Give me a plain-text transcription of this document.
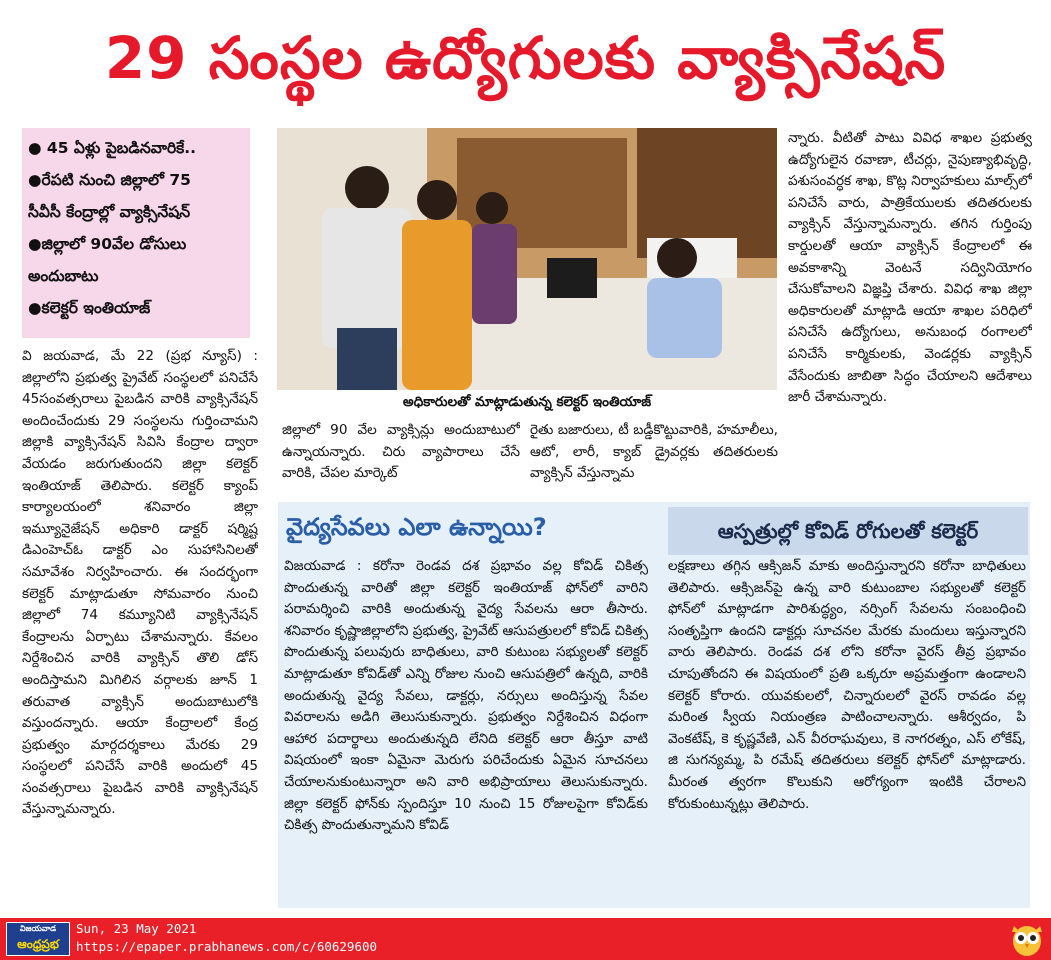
29 సంస్థల ఉద్యోగులకు వ్యాక్సినేషన్
● 45 ఏళ్లు పైబడినవారికే..
●రేపటి నుంచి జిల్లాలో 75
సీవీసీ కేంద్రాల్లో వ్యాక్సినేషన్
●జిల్లాలో 90వేల డోసులు
అందుబాటు
●కలెక్టర్ ఇంతియాజ్

వి జయవాడ, మే 22 (ప్రభ న్యూస్) : జిల్లాలోని ప్రభుత్వ ప్రైవేట్ సంస్థలలో పనిచేసే 45సంవత్సరాలు పైబడిన వారికి వ్యాక్సినేషన్ అందించేందుకు 29 సంస్థలను గుర్తించామని జిల్లాకి వ్యాక్సినేషన్ సివిసి కేంద్రాల ద్వారా వేయడం జరుగుతుందని జిల్లా కలెక్టర్ ఇంతియాజ్ తెలిపారు. కలెక్టర్ క్యాంప్ కార్యాలయంలో శనివారం జిల్లా ఇమ్యూనైజేషన్ అధికారి డాక్టర్ షర్మిష్ట డిఎంహెచ్ఓ డాక్టర్ ఎం సుహాసినిలతో సమావేశం నిర్వహించారు. ఈ సందర్భంగా కలెక్టర్ మాట్లాడుతూ సోమవారం నుంచి జిల్లాలో 74 కమ్యూనిటి వ్యాక్సినేషన్ కేంద్రాలను ఏర్పాటు చేశామన్నారు. కేవలం నిర్దేశించిన వారికి వ్యాక్సిన్ తొలి డోస్ అందిస్తామని మిగిలిన వర్గాలకు జూన్ 1 తరువాత వ్యాక్సిన్ అందుబాటులోకి వస్తుందన్నారు. ఆయా కేంద్రాలలో కేంద్ర ప్రభుత్వం మార్గదర్శకాలు మేరకు 29 సంస్థలలో పనిచేసే వారికి అందులో 45 సంవత్సరాలు పైబడిన వారికి వ్యాక్సినేషన్ వేస్తున్నామన్నారు.

అధికారులతో మాట్లాడుతున్న కలెక్టర్ ఇంతియాజ్

జిల్లాలో 90 వేల వ్యాక్సిన్లు అందుబాటులో ఉన్నాయన్నారు. చిరు వ్యాపారాలు చేసే వారికి, చేపల మార్కెట్

రైతు బజారులు, టీ బడ్డీకొట్టువారికి, హమాలీలు, ఆటో, లారీ, క్యాబ్ డ్రైవర్లకు తదితరులకు వ్యాక్సిన్ వేస్తున్నామ

న్నారు. వీటితో పాటు వివిధ శాఖల ప్రభుత్వ ఉద్యోగులైన రవాణా, టీచర్లు, నైపుణ్యాభివృద్ధి, పశుసంవర్ధక శాఖ, కొట్ల నిర్వాహకులు మాల్స్‌లో పనిచేసే వారు, పాత్రికేయులకు తదితరులకు వ్యాక్సిన్ వేస్తున్నామన్నారు. తగిన గుర్తింపు కార్డులతో ఆయా వ్యాక్సిన్ కేంద్రాలలో ఈ అవకాశాన్ని వెంటనే సద్వినియోగం చేసుకోవాలని విజ్ఞప్తి చేశారు. వివిధ శాఖ జిల్లా అధికారులతో మాట్లాడి ఆయా శాఖల పరిధిలో పనిచేసే ఉద్యోగులు, అనుబంధ రంగాలలో పనిచేసే కార్మికులకు, వెండర్లకు వ్యాక్సిన్ వేసేందుకు జాబితా సిద్ధం చేయాలని ఆదేశాలు జారీ చేశామన్నారు.

వైద్యసేవలు ఎలా ఉన్నాయి?	ఆస్పత్రుల్లో కోవిడ్ రోగులతో కలెక్టర్

విజయవాడ : కరోనా రెండవ దశ ప్రభావం వల్ల కోవిడ్ చికిత్స పొందుతున్న వారితో జిల్లా కలెక్టర్ ఇంతియాజ్ ఫోన్‌లో వారిని పరామర్శించి వారికి అందుతున్న వైద్య సేవలను ఆరా తీసారు. శనివారం కృష్ణాజిల్లాలోని ప్రభుత్వ, ప్రైవేట్ ఆసుపత్రులలో కోవిడ్ చికిత్స పొందుతున్న పలువురు బాధితులు, వారి కుటుంబ సభ్యులతో కలెక్టర్ మాట్లాడుతూ కోవిడ్‌తో ఎన్ని రోజుల నుంచి ఆసుపత్రిలో ఉన్నది, వారికి అందుతున్న వైద్య సేవలు, డాక్టర్లు, నర్సులు అందిస్తున్న సేవల వివరాలను అడిగి తెలుసుకున్నారు. ప్రభుత్వం నిర్దేశించిన విధంగా ఆహార పదార్థాలు అందుతున్నది లేనిది కలెక్టర్ ఆరా తీస్తూ వాటి విషయంలో ఇంకా ఏమైనా మెరుగు పరిచేందుకు ఏమైన సూచనలు చేయాలనుకుంటున్నారా అని వారి అభిప్రాయాలు తెలుసుకున్నారు. జిల్లా కలెక్టర్ ఫోన్‌కు స్పందిస్తూ 10 నుంచి 15 రోజులపైగా కోవిడ్‌కు చికిత్స పొందుతున్నామని కోవిడ్

లక్షణాలు తగ్గిన ఆక్సిజన్ మాకు అందిస్తున్నారని కరోనా బాధితులు తెలిపారు. ఆక్సిజన్‌పై ఉన్న వారి కుటుంబాల సభ్యులతో కలెక్టర్ ఫోన్‌లో మాట్లాడగా పారిశుద్ధ్యం, నర్సింగ్ సేవలను సంబంధించి సంతృప్తిగా ఉందని డాక్టర్లు సూచనల మేరకు మందులు ఇస్తున్నారని వారు తెలిపారు. రెండవ దశ లోని కరోనా వైరస్ తీవ్ర ప్రభావం చూపుతోందని ఈ విషయంలో ప్రతి ఒక్కరూ అప్రమత్తంగా ఉండాలని కలెక్టర్ కోరారు. యువకులలో, చిన్నారులలో వైరస్ రావడం వల్ల మరింత స్వీయ నియంత్రణ పాటించాలన్నారు. ఆశీర్వదం, పి వెంకటేష్, కె కృష్ణవేణి, ఎన్ వీరరాఘవులు, కె నాగరత్నం, ఎస్ లోకేష్, జి సుగన్యమ్మ, పి రమేష్ తదితరులు కలెక్టర్ ఫోన్‌లో మాట్లాడారు. మీరంత త్వరగా కొలుకుని ఆరోగ్యంగా ఇంటికి చేరాలని కోరుకుంటున్నట్లు తెలిపారు.

విజయవాడ
ఆంధ్రప్రభ
Sun, 23 May 2021
https://epaper.prabhanews.com/c/60629600
